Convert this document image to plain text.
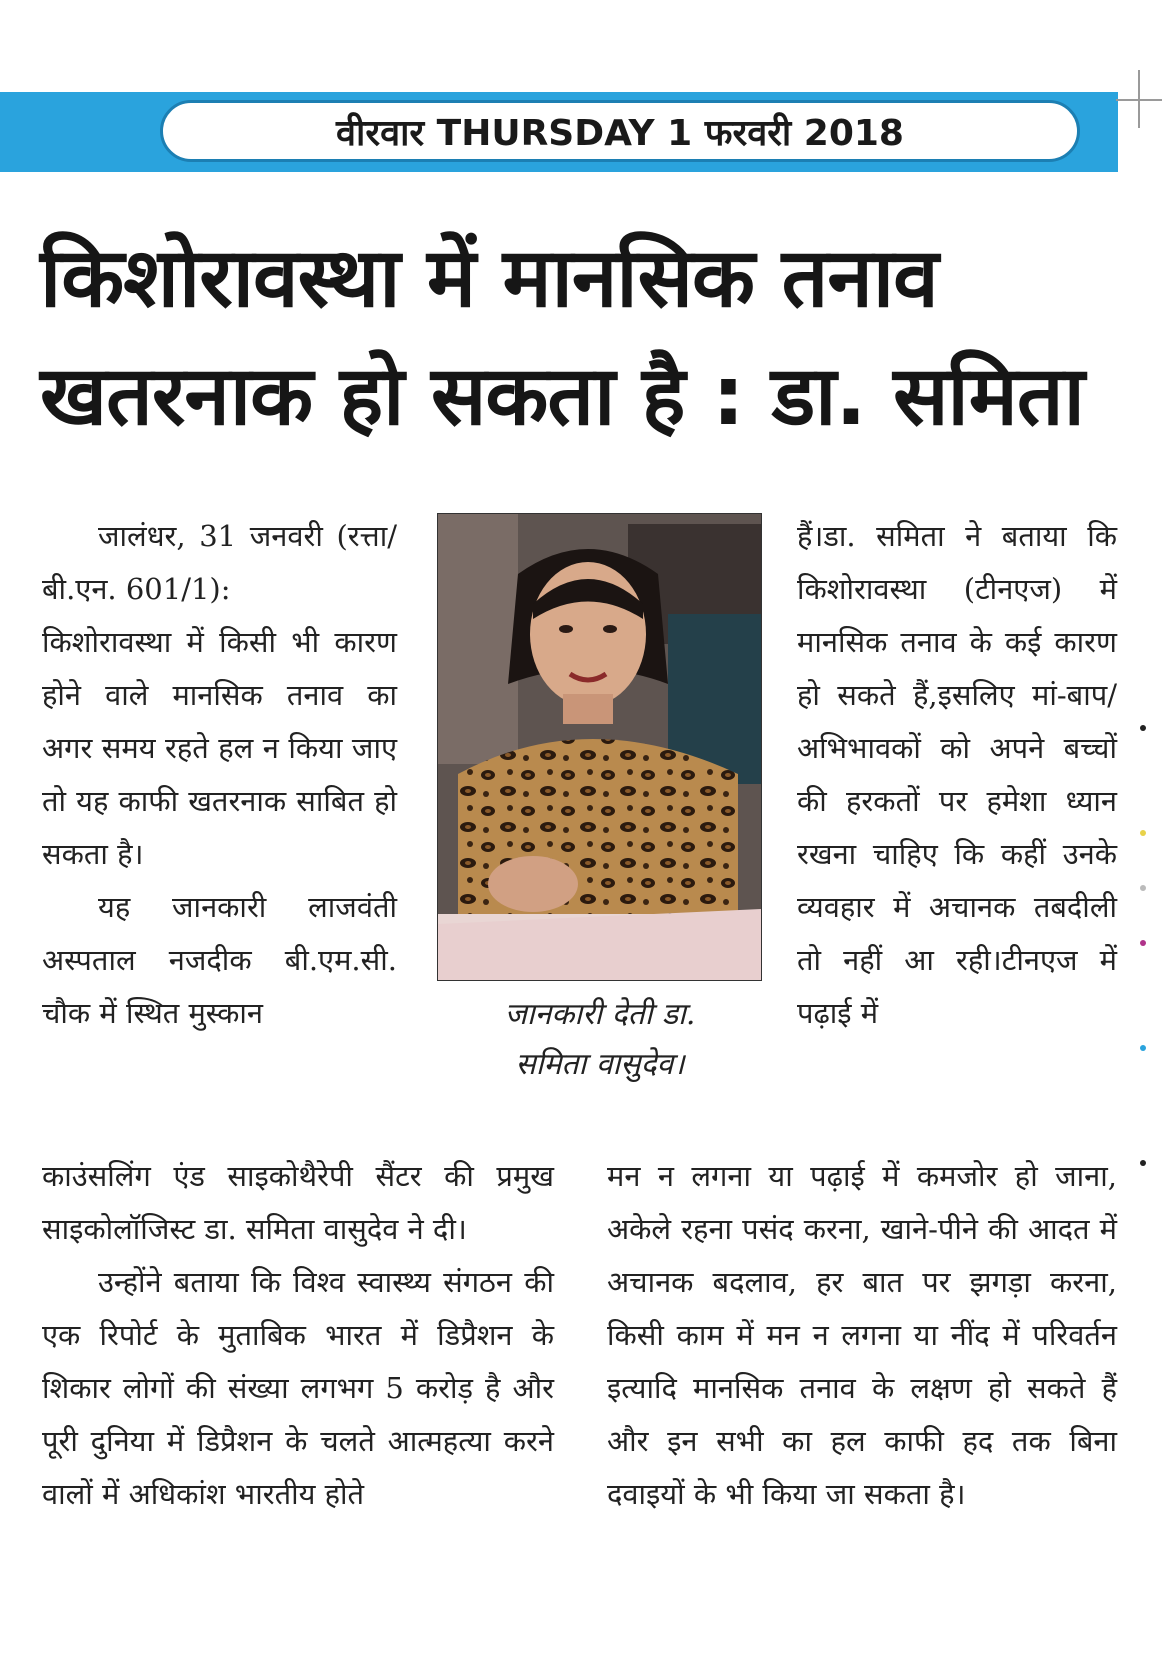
वीरवार THURSDAY 1 फरवरी 2018
किशोरावस्था में मानसिक तनाव
खतरनाक हो सकता है : डा. समिता

जालंधर, 31 जनवरी (रत्ता/ बी.एन. 601/1):

किशोरावस्था में किसी भी कारण होने वाले मानसिक तनाव का अगर समय रहते हल न किया जाए तो यह काफी खतरनाक साबित हो सकता है।

यह जानकारी लाजवंती अस्पताल नजदीक बी.एम.सी. चौक में स्थित मुस्कान	जानकारी देती डा.
समिता वासुदेव।

हैं।डा. समिता ने बताया कि किशोरावस्था (टीनएज) में मानसिक तनाव के कई कारण हो सकते हैं,इसलिए मां-बाप/ अभिभावकों को अपने बच्चों की हरकतों पर हमेशा ध्यान रखना चाहिए कि कहीं उनके व्यवहार में अचानक तबदीली तो नहीं आ रही।टीनएज में पढ़ाई में

काउंसलिंग एंड साइकोथैरेपी सैंटर की प्रमुख साइकोलॉजिस्ट डा. समिता वासुदेव ने दी।

उन्होंने बताया कि विश्व स्वास्थ्य संगठन की एक रिपोर्ट के मुताबिक भारत में डिप्रैशन के शिकार लोगों की संख्या लगभग 5 करोड़ है और पूरी दुनिया में डिप्रैशन के चलते आत्महत्या करने वालों में अधिकांश भारतीय होते

मन न लगना या पढ़ाई में कमजोर हो जाना, अकेले रहना पसंद करना, खाने-पीने की आदत में अचानक बदलाव, हर बात पर झगड़ा करना, किसी काम में मन न लगना या नींद में परिवर्तन इत्यादि मानसिक तनाव के लक्षण हो सकते हैं और इन सभी का हल काफी हद तक बिना दवाइयों के भी किया जा सकता है।
